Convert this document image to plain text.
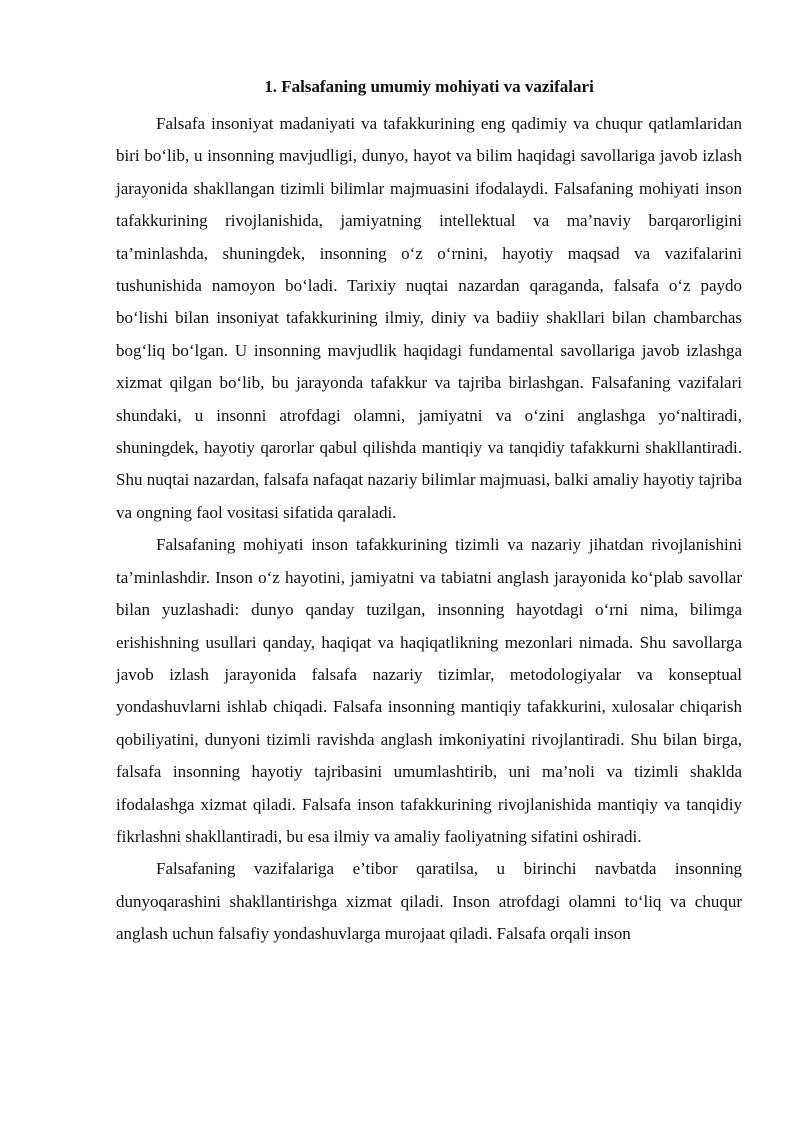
1. Falsafaning umumiy mohiyati va vazifalari

Falsafa insoniyat madaniyati va tafakkurining eng qadimiy va chuqur qatlamlaridan biri bo‘lib, u insonning mavjudligi, dunyo, hayot va bilim haqidagi savollariga javob izlash jarayonida shakllangan tizimli bilimlar majmuasini ifodalaydi. Falsafaning mohiyati inson tafakkurining rivojlanishida, jamiyatning intellektual va ma’naviy barqarorligini ta’minlashda, shuningdek, insonning o‘z o‘rnini, hayotiy maqsad va vazifalarini tushunishida namoyon bo‘ladi. Tarixiy nuqtai nazardan qaraganda, falsafa o‘z paydo bo‘lishi bilan insoniyat tafakkurining ilmiy, diniy va badiiy shakllari bilan chambarchas bog‘liq bo‘lgan. U insonning mavjudlik haqidagi fundamental savollariga javob izlashga xizmat qilgan bo‘lib, bu jarayonda tafakkur va tajriba birlashgan. Falsafaning vazifalari shundaki, u insonni atrofdagi olamni, jamiyatni va o‘zini anglashga yo‘naltiradi, shuningdek, hayotiy qarorlar qabul qilishda mantiqiy va tanqidiy tafakkurni shakllantiradi. Shu nuqtai nazardan, falsafa nafaqat nazariy bilimlar majmuasi, balki amaliy hayotiy tajriba va ongning faol vositasi sifatida qaraladi.

Falsafaning mohiyati inson tafakkurining tizimli va nazariy jihatdan rivojlanishini ta’minlashdir. Inson o‘z hayotini, jamiyatni va tabiatni anglash jarayonida ko‘plab savollar bilan yuzlashadi: dunyo qanday tuzilgan, insonning hayotdagi o‘rni nima, bilimga erishishning usullari qanday, haqiqat va haqiqatlikning mezonlari nimada. Shu savollarga javob izlash jarayonida falsafa nazariy tizimlar, metodologiyalar va konseptual yondashuvlarni ishlab chiqadi. Falsafa insonning mantiqiy tafakkurini, xulosalar chiqarish qobiliyatini, dunyoni tizimli ravishda anglash imkoniyatini rivojlantiradi. Shu bilan birga, falsafa insonning hayotiy tajribasini umumlashtirib, uni ma’noli va tizimli shaklda ifodalashga xizmat qiladi. Falsafa inson tafakkurining rivojlanishida mantiqiy va tanqidiy fikrlashni shakllantiradi, bu esa ilmiy va amaliy faoliyatning sifatini oshiradi.

Falsafaning vazifalariga e’tibor qaratilsa, u birinchi navbatda insonning dunyoqarashini shakllantirishga xizmat qiladi. Inson atrofdagi olamni to‘liq va chuqur anglash uchun falsafiy yondashuvlarga murojaat qiladi. Falsafa orqali inson
